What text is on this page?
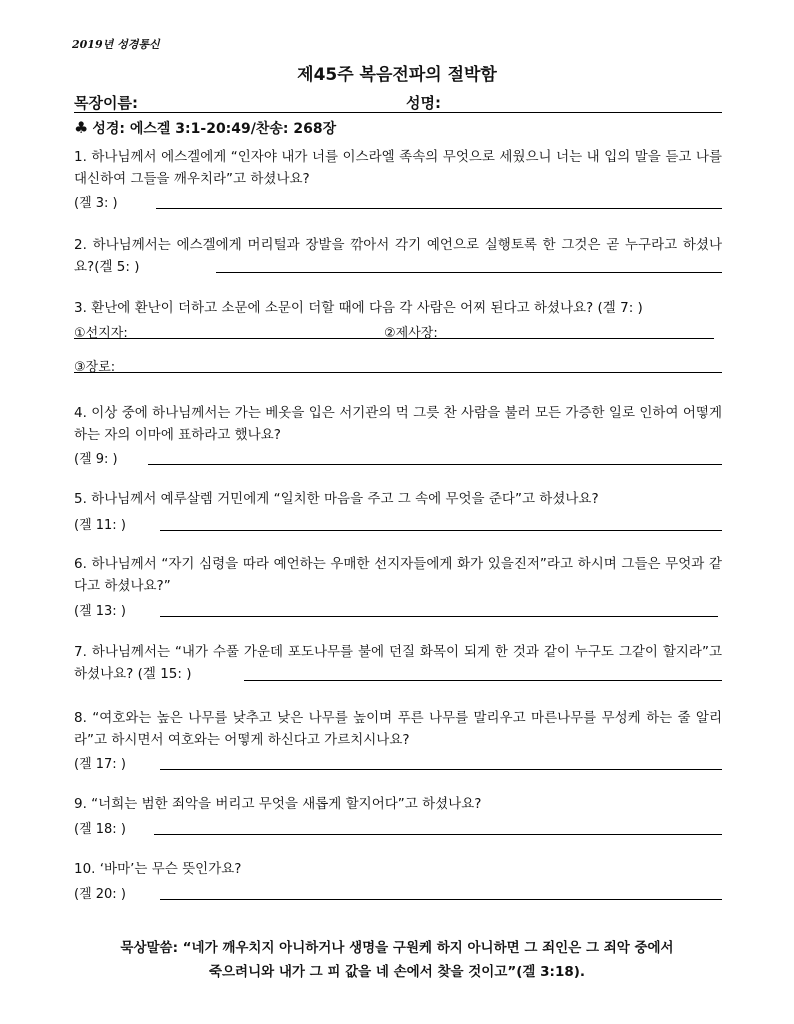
2019년 성경통신
제45주 복음전파의 절박함
목장이름:	성명:
♣ 성경: 에스겔 3:1-20:49/찬송: 268장
1. 하나님께서 에스겔에게 “인자야 내가 너를 이스라엘 족속의 무엇으로 세웠으니 너는 내 입의 말을 듣고 나를 대신하여 그들을 깨우치라”고 하셨나요?
(겔 3: )
2. 하나님께서는 에스겔에게 머리털과 장발을 깎아서 각기 예언으로 실행토록 한 그것은 곧 누구라고 하셨나요?(겔 5: )
3. 환난에 환난이 더하고 소문에 소문이 더할 때에 다음 각 사람은 어찌 된다고 하셨나요? (겔 7: )
①선지자:	②제사장:
③장로:
4. 이상 중에 하나님께서는 가는 베옷을 입은 서기관의 먹 그릇 찬 사람을 불러 모든 가증한 일로 인하여 어떻게 하는 자의 이마에 표하라고 했나요?
(겔 9: )
5. 하나님께서 예루살렘 거민에게 “일치한 마음을 주고 그 속에 무엇을 준다”고 하셨나요?
(겔 11: )
6. 하나님께서 “자기 심령을 따라 예언하는 우매한 선지자들에게 화가 있을진저”라고 하시며 그들은 무엇과 같다고 하셨나요?”
(겔 13: )
7. 하나님께서는 “내가 수풀 가운데 포도나무를 불에 던질 화목이 되게 한 것과 같이 누구도 그같이 할지라”고 하셨나요? (겔 15: )
8. “여호와는 높은 나무를 낮추고 낮은 나무를 높이며 푸른 나무를 말리우고 마른나무를 무성케 하는 줄 알리라”고 하시면서 여호와는 어떻게 하신다고 가르치시나요?
(겔 17: )
9. “너희는 범한 죄악을 버리고 무엇을 새롭게 할지어다”고 하셨나요?
(겔 18: )
10. ‘바마’는 무슨 뜻인가요?
(겔 20: )
묵상말씀: “네가 깨우치지 아니하거나 생명을 구원케 하지 아니하면 그 죄인은 그 죄악 중에서
죽으려니와 내가 그 피 값을 네 손에서 찾을 것이고”(겔 3:18).
